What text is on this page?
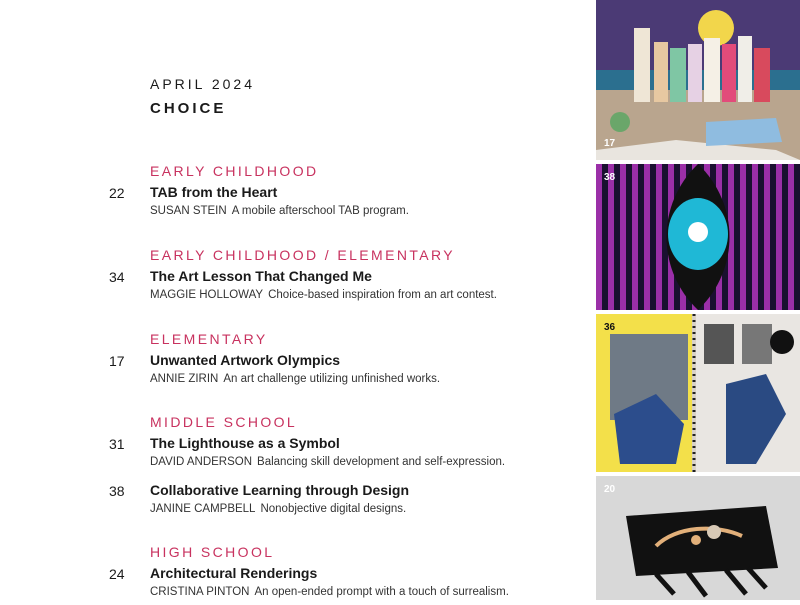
APRIL 2024
CHOICE
EARLY CHILDHOOD
22 TAB from the Heart
SUSAN STEIN A mobile afterschool TAB program.
EARLY CHILDHOOD / ELEMENTARY
34 The Art Lesson That Changed Me
MAGGIE HOLLOWAY Choice-based inspiration from an art contest.
ELEMENTARY
17 Unwanted Artwork Olympics
ANNIE ZIRIN An art challenge utilizing unfinished works.
MIDDLE SCHOOL
31 The Lighthouse as a Symbol
DAVID ANDERSON Balancing skill development and self-expression.
38 Collaborative Learning through Design
JANINE CAMPBELL Nonobjective digital designs.
HIGH SCHOOL
24 Architectural Renderings
CRISTINA PINTON An open-ended prompt with a touch of surrealism.
17
38
36
20
